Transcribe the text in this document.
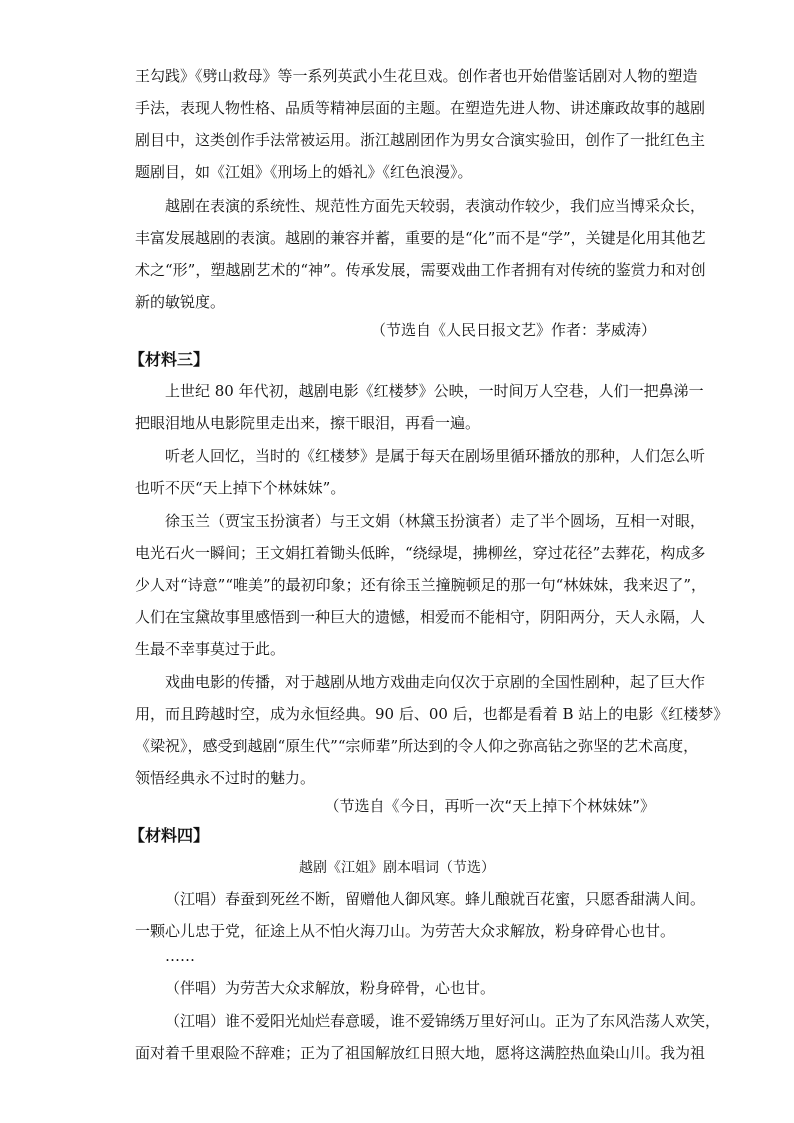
王勾践》《劈山救母》等一系列英武小生花旦戏。创作者也开始借鉴话剧对人物的塑造
手法，表现人物性格、品质等精神层面的主题。在塑造先进人物、讲述廉政故事的越剧
剧目中，这类创作手法常被运用。浙江越剧团作为男女合演实验田，创作了一批红色主
题剧目，如《江姐》《刑场上的婚礼》《红色浪漫》。
越剧在表演的系统性、规范性方面先天较弱，表演动作较少，我们应当博采众长，
丰富发展越剧的表演。越剧的兼容并蓄，重要的是“化”而不是“学”，关键是化用其他艺
术之“形”，塑越剧艺术的“神”。传承发展，需要戏曲工作者拥有对传统的鉴赏力和对创
新的敏锐度。
（节选自《人民日报文艺》作者：茅威涛）
【材料三】
上世纪 80 年代初，越剧电影《红楼梦》公映，一时间万人空巷，人们一把鼻涕一
把眼泪地从电影院里走出来，擦干眼泪，再看一遍。
听老人回忆，当时的《红楼梦》是属于每天在剧场里循环播放的那种，人们怎么听
也听不厌“天上掉下个林妹妹”。
徐玉兰（贾宝玉扮演者）与王文娟（林黛玉扮演者）走了半个圆场，互相一对眼，
电光石火一瞬间；王文娟扛着锄头低眸，“绕绿堤，拂柳丝，穿过花径”去葬花，构成多
少人对“诗意”“唯美”的最初印象；还有徐玉兰撞腕顿足的那一句“林妹妹，我来迟了”，
人们在宝黛故事里感悟到一种巨大的遗憾，相爱而不能相守，阴阳两分，天人永隔，人
生最不幸事莫过于此。
戏曲电影的传播，对于越剧从地方戏曲走向仅次于京剧的全国性剧种，起了巨大作
用，而且跨越时空，成为永恒经典。90 后、00 后，也都是看着 B 站上的电影《红楼梦》
《梁祝》，感受到越剧“原生代”“宗师辈”所达到的令人仰之弥高钻之弥坚的艺术高度，
领悟经典永不过时的魅力。
（节选自《今日，再听一次“天上掉下个林妹妹”》
【材料四】
越剧《江姐》剧本唱词（节选）
（江唱）春蚕到死丝不断，留赠他人御风寒。蜂儿酿就百花蜜，只愿香甜满人间。
一颗心儿忠于党，征途上从不怕火海刀山。为劳苦大众求解放，粉身碎骨心也甘。
……
（伴唱）为劳苦大众求解放，粉身碎骨，心也甘。
（江唱）谁不爱阳光灿烂春意暖，谁不爱锦绣万里好河山。正为了东风浩荡人欢笑，
面对着千里艰险不辞难；正为了祖国解放红日照大地，愿将这满腔热血染山川。我为祖
